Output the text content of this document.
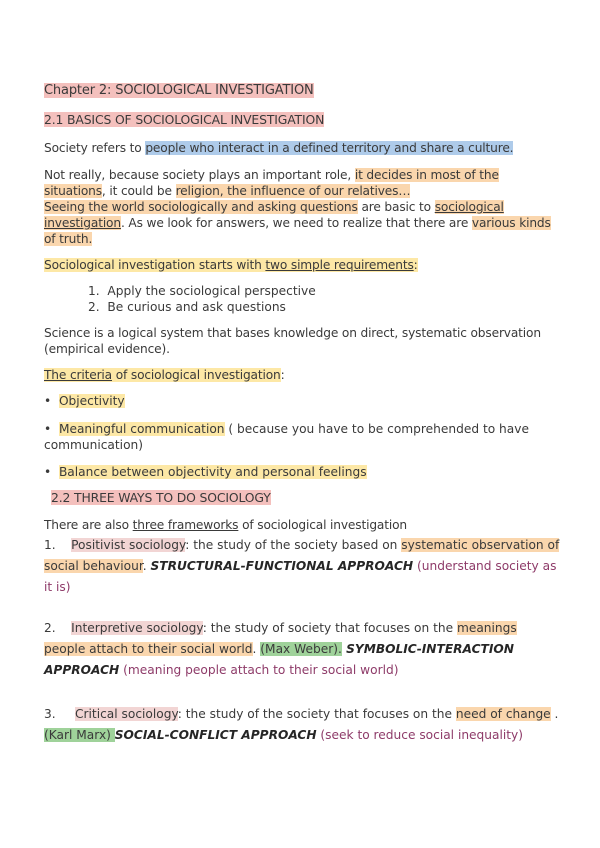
Chapter 2: SOCIOLOGICAL INVESTIGATION
2.1 BASICS OF SOCIOLOGICAL INVESTIGATION
Society refers to people who interact in a defined territory and share a culture.
Not really, because society plays an important role, it decides in most of the situations, it could be religion, the influence of our relatives…
Seeing the world sociologically and asking questions are basic to sociological investigation. As we look for answers, we need to realize that there are various kinds of truth.
Sociological investigation starts with two simple requirements:
1. Apply the sociological perspective
2. Be curious and ask questions
Science is a logical system that bases knowledge on direct, systematic observation (empirical evidence).
The criteria of sociological investigation:
•  Objectivity
•  Meaningful communication ( because you have to be comprehended to have communication)
•  Balance between objectivity and personal feelings
2.2 THREE WAYS TO DO SOCIOLOGY
There are also three frameworks of sociological investigation
1. Positivist sociology: the study of the society based on systematic observation of social behaviour. STRUCTURAL-FUNCTIONAL APPROACH (understand society as it is)
2. Interpretive sociology: the study of society that focuses on the meanings people attach to their social world. (Max Weber). SYMBOLIC-INTERACTION APPROACH (meaning people attach to their social world)
3. Critical sociology: the study of the society that focuses on the need of change . (Karl Marx) SOCIAL-CONFLICT APPROACH (seek to reduce social inequality)
